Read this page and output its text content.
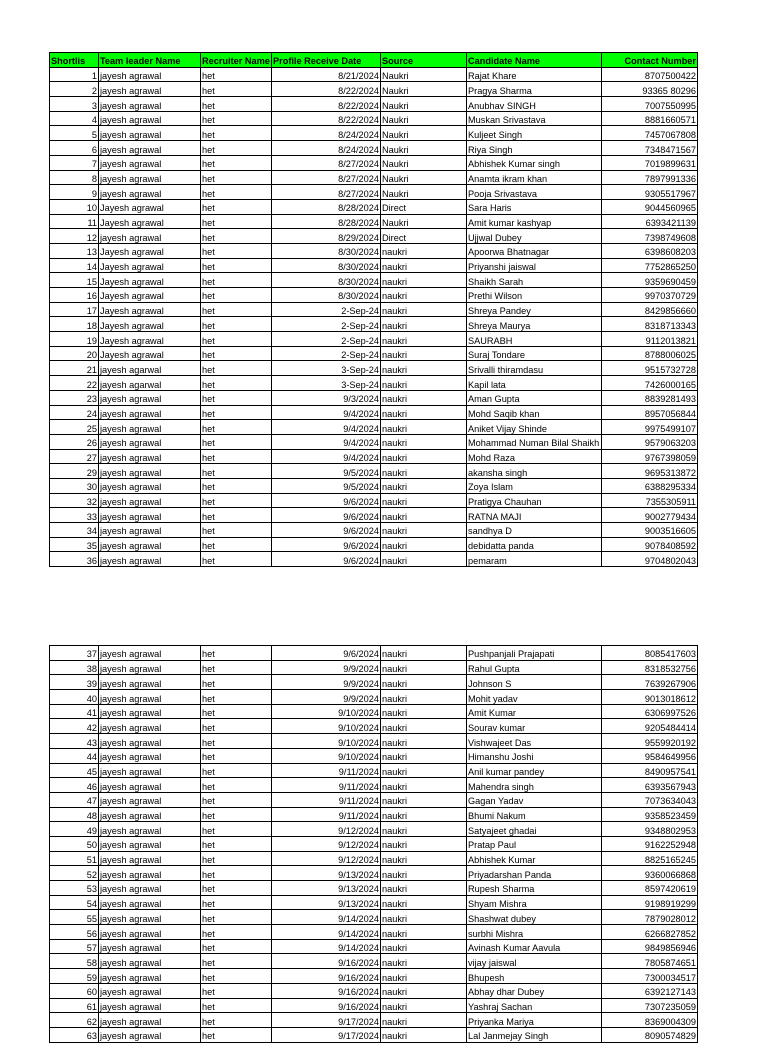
Shortlis	Team leader Name	Recruiter Name	Profile Receive Date	Source	Candidate Name	Contact Number
1	jayesh agrawal	het	8/21/2024	Naukri	Rajat Khare	8707500422
2	jayesh agrawal	het	8/22/2024	Naukri	Pragya Sharma	93365 80296
3	jayesh agrawal	het	8/22/2024	Naukri	Anubhav SINGH	7007550995
4	jayesh agrawal	het	8/22/2024	Naukri	Muskan Srivastava	8881660571
5	jayesh agrawal	het	8/24/2024	Naukri	Kuljeet Singh	7457067808
6	jayesh agrawal	het	8/24/2024	Naukri	Riya Singh	7348471567
7	jayesh agrawal	het	8/27/2024	Naukri	Abhishek Kumar singh	7019899631
8	jayesh agrawal	het	8/27/2024	Naukri	Anamta ikram khan	7897991336
9	jayesh agrawal	het	8/27/2024	Naukri	Pooja Srivastava	9305517967
10	Jayesh agrawal	het	8/28/2024	Direct	Sara Haris	9044560965
11	Jayesh agrawal	het	8/28/2024	Naukri	Amit kumar kashyap	6393421139
12	jayesh agrawal	het	8/29/2024	Direct	Ujjwal Dubey	7398749608
13	Jayesh agrawal	het	8/30/2024	naukri	Apoorwa Bhatnagar	6398608203
14	Jayesh agrawal	het	8/30/2024	naukri	Priyanshi jaiswal	7752865250
15	Jayesh agrawal	het	8/30/2024	naukri	Shaikh Sarah	9359690459
16	Jayesh agrawal	het	8/30/2024	naukri	Prethi Wilson	9970370729
17	Jayesh agrawal	het	2-Sep-24	naukri	Shreya Pandey	8429856660
18	Jayesh agrawal	het	2-Sep-24	naukri	Shreya Maurya	8318713343
19	Jayesh agrawal	het	2-Sep-24	naukri	SAURABH	9112013821
20	Jayesh agrawal	het	2-Sep-24	naukri	Suraj Tondare	8788006025
21	jayesh agarwal	het	3-Sep-24	naukri	Srivalli thiramdasu	9515732728
22	jayesh agarwal	het	3-Sep-24	naukri	Kapil lata	7426000165
23	jayesh agrawal	het	9/3/2024	naukri	Aman Gupta	8839281493
24	jayesh agrawal	het	9/4/2024	naukri	Mohd Saqib khan	8957056844
25	jayesh agrawal	het	9/4/2024	naukri	Aniket Vijay Shinde	9975499107
26	jayesh agrawal	het	9/4/2024	naukri	Mohammad Numan Bilal Shaikh	9579063203
27	jayesh agrawal	het	9/4/2024	naukri	Mohd Raza	9767398059
29	jayesh agrawal	het	9/5/2024	naukri	akansha singh	9695313872
30	jayesh agrawal	het	9/5/2024	naukri	Zoya Islam	6388295334
32	jayesh agrawal	het	9/6/2024	naukri	Pratigya Chauhan	7355305911
33	jayesh agrawal	het	9/6/2024	naukri	RATNA MAJI	9002779434
34	jayesh agrawal	het	9/6/2024	naukri	sandhya D	9003516605
35	jayesh agrawal	het	9/6/2024	naukri	debidatta panda	9078408592
36	jayesh agrawal	het	9/6/2024	naukri	pemaram	9704802043
37	jayesh agrawal	het	9/6/2024	naukri	Pushpanjali Prajapati	8085417603
38	jayesh agrawal	het	9/9/2024	naukri	Rahul Gupta	8318532756
39	jayesh agrawal	het	9/9/2024	naukri	Johnson S	7639267906
40	jayesh agrawal	het	9/9/2024	naukri	Mohit yadav	9013018612
41	jayesh agrawal	het	9/10/2024	naukri	Amit Kumar	6306997526
42	jayesh agrawal	het	9/10/2024	naukri	Sourav kumar	9205484414
43	jayesh agrawal	het	9/10/2024	naukri	Vishwajeet Das	9559920192
44	jayesh agrawal	het	9/10/2024	naukri	Himanshu Joshi	9584649956
45	jayesh agrawal	het	9/11/2024	naukri	Anil kumar pandey	8490957541
46	jayesh agrawal	het	9/11/2024	naukri	Mahendra singh	6393567943
47	jayesh agrawal	het	9/11/2024	naukri	Gagan Yadav	7073634043
48	jayesh agrawal	het	9/11/2024	naukri	Bhumi Nakum	9358523459
49	jayesh agrawal	het	9/12/2024	naukri	Satyajeet ghadai	9348802953
50	jayesh agrawal	het	9/12/2024	naukri	Pratap Paul	9162252948
51	jayesh agrawal	het	9/12/2024	naukri	Abhishek Kumar	8825165245
52	jayesh agrawal	het	9/13/2024	naukri	Priyadarshan Panda	9360066868
53	jayesh agrawal	het	9/13/2024	naukri	Rupesh Sharma	8597420619
54	jayesh agrawal	het	9/13/2024	naukri	Shyam Mishra	9198919299
55	jayesh agrawal	het	9/14/2024	naukri	Shashwat dubey	7879028012
56	jayesh agrawal	het	9/14/2024	naukri	surbhi Mishra	6266827852
57	jayesh agrawal	het	9/14/2024	naukri	Avinash Kumar Aavula	9849856946
58	jayesh agrawal	het	9/16/2024	naukri	vijay jaiswal	7805874651
59	jayesh agrawal	het	9/16/2024	naukri	Bhupesh	7300034517
60	jayesh agrawal	het	9/16/2024	naukri	Abhay dhar Dubey	6392127143
61	jayesh agrawal	het	9/16/2024	naukri	Yashraj Sachan	7307235059
62	jayesh agrawal	het	9/17/2024	naukri	Priyanka Mariya	8369004309
63	jayesh agrawal	het	9/17/2024	naukri	Lal Janmejay Singh	8090574829
